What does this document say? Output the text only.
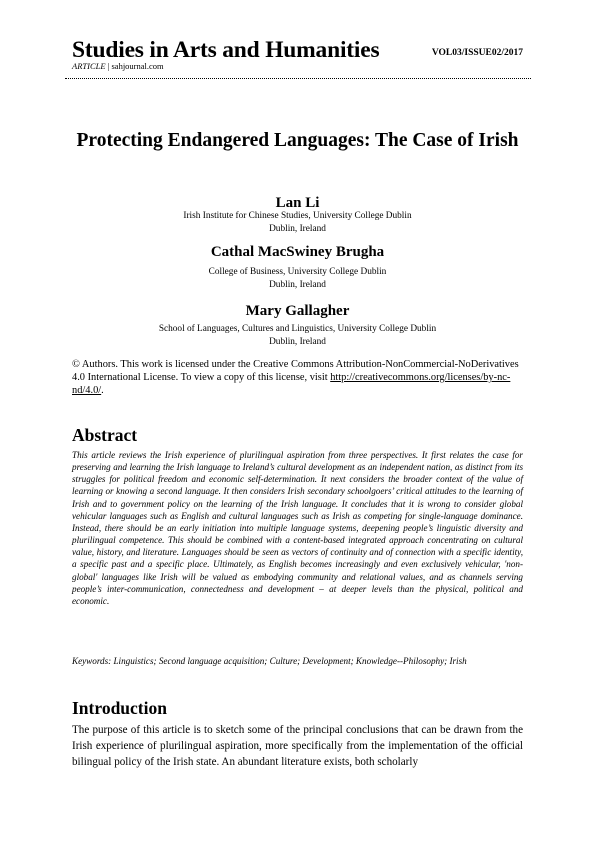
Studies in Arts and Humanities	VOL03/ISSUE02/2017
ARTICLE | sahjournal.com
Protecting Endangered Languages: The Case of Irish
Lan Li
Irish Institute for Chinese Studies, University College Dublin
Dublin, Ireland
Cathal MacSwiney Brugha
College of Business, University College Dublin
Dublin, Ireland
Mary Gallagher
School of Languages, Cultures and Linguistics, University College Dublin
Dublin, Ireland
© Authors. This work is licensed under the Creative Commons Attribution-NonCommercial-NoDerivatives 4.0 International License. To view a copy of this license, visit http://creativecommons.org/licenses/by-nc-nd/4.0/.
Abstract
This article reviews the Irish experience of plurilingual aspiration from three perspectives. It first relates the case for preserving and learning the Irish language to Ireland’s cultural development as an independent nation, as distinct from its struggles for political freedom and economic self-determination. It next considers the broader context of the value of learning or knowing a second language. It then considers Irish secondary schoolgoers’ critical attitudes to the learning of Irish and to government policy on the learning of the Irish language. It concludes that it is wrong to consider global vehicular languages such as English and cultural languages such as Irish as competing for single-language dominance. Instead, there should be an early initiation into multiple language systems, deepening people’s linguistic diversity and plurilingual competence. This should be combined with a content-based integrated approach concentrating on cultural value, history, and literature. Languages should be seen as vectors of continuity and of connection with a specific identity, a specific past and a specific place. Ultimately, as English becomes increasingly and even exclusively vehicular, 'non-global' languages like Irish will be valued as embodying community and relational values, and as channels serving people’s inter-communication, connectedness and development – at deeper levels than the physical, political and economic.
Keywords: Linguistics; Second language acquisition; Culture; Development; Knowledge--Philosophy; Irish
Introduction
The purpose of this article is to sketch some of the principal conclusions that can be drawn from the Irish experience of plurilingual aspiration, more specifically from the implementation of the official bilingual policy of the Irish state. An abundant literature exists, both scholarly
